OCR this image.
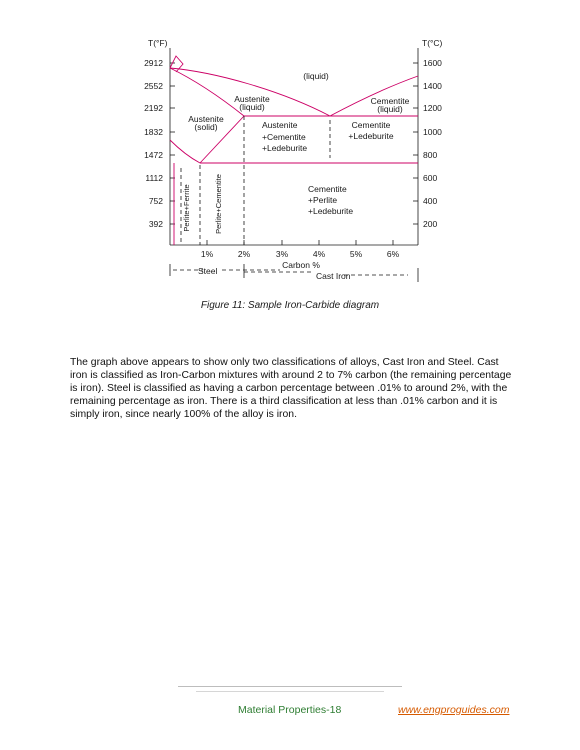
T(°F)	T(°C)
2912
2552
2192
1832
1472
1112
752
392
1600
1400
1200
1000
800
600
400
200
1%	2%	3%	4%	5%	6%
Carbon %
Steel	Cast Iron
(liquid)
Austenite
(liquid)
Cementite
(liquid)
Austenite
(solid)	Austenite
+Cementite
+Ledeburite
Cementite
+Ledeburite
Cementite
+Perlite
+Ledeburite
Perlite+Ferrite	Perlite+Cementite
Figure 11: Sample Iron-Carbide diagram

The graph above appears to show only two classifications of alloys, Cast Iron and Steel. Cast iron is classified as Iron-Carbon mixtures with around 2 to 7% carbon (the remaining percentage is iron). Steel is classified as having a carbon percentage between .01% to around 2%, with the remaining percentage as iron. There is a third classification at less than .01% carbon and it is simply iron, since nearly 100% of the alloy is iron.

Material Properties-18	www.engproguides.com
